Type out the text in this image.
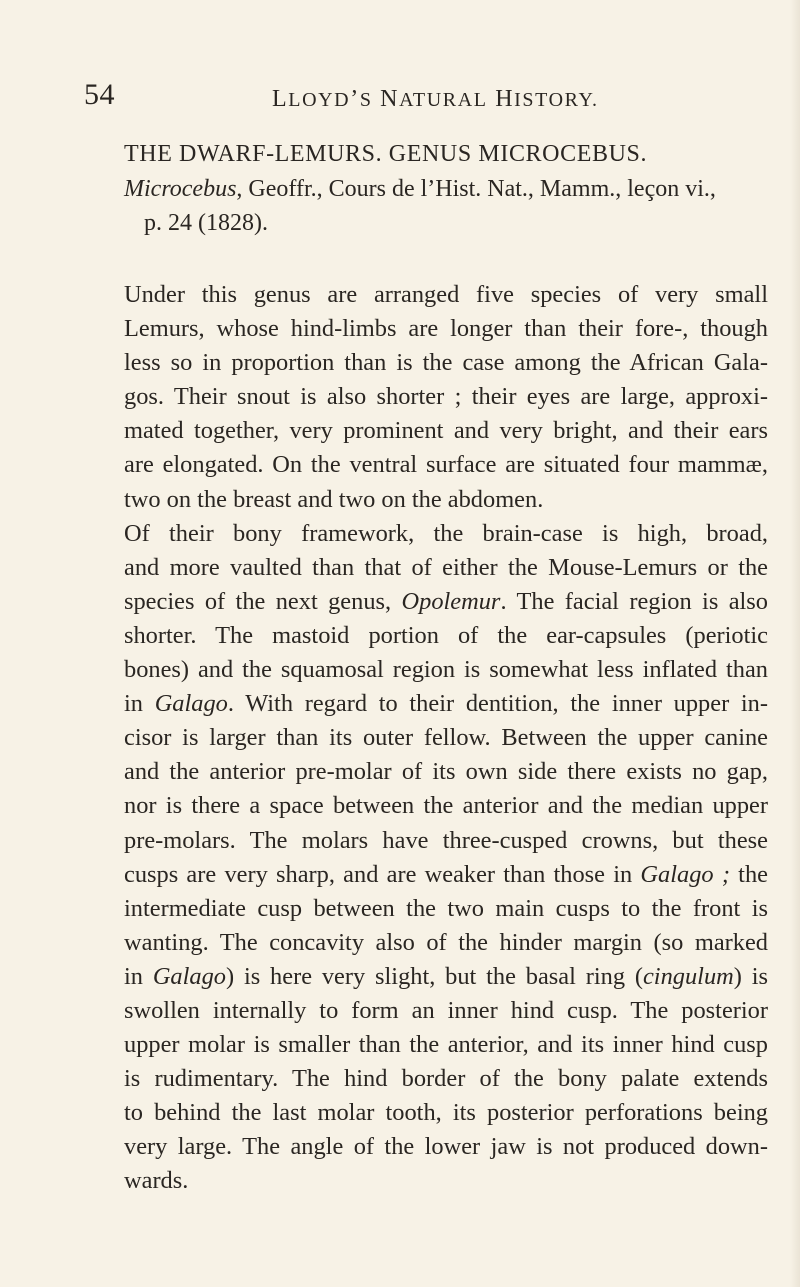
54	LLOYD’S NATURAL HISTORY.
THE DWARF-LEMURS. GENUS MICROCEBUS.
Microcebus, Geoffr., Cours de l’Hist. Nat., Mamm., leçon vi.,
p. 24 (1828).
Under this genus are arranged five species of very small
Lemurs, whose hind-limbs are longer than their fore-, though
less so in proportion than is the case among the African Gala-
gos. Their snout is also shorter ; their eyes are large, approxi-
mated together, very prominent and very bright, and their ears
are elongated. On the ventral surface are situated four mammæ,
two on the breast and two on the abdomen.
Of their bony framework, the brain-case is high, broad,
and more vaulted than that of either the Mouse-Lemurs or the
species of the next genus, Opolemur. The facial region is also
shorter. The mastoid portion of the ear-capsules (periotic
bones) and the squamosal region is somewhat less inflated than
in Galago. With regard to their dentition, the inner upper in-
cisor is larger than its outer fellow. Between the upper canine
and the anterior pre-molar of its own side there exists no gap,
nor is there a space between the anterior and the median upper
pre-molars. The molars have three-cusped crowns, but these
cusps are very sharp, and are weaker than those in Galago ; the
intermediate cusp between the two main cusps to the front is
wanting. The concavity also of the hinder margin (so marked
in Galago) is here very slight, but the basal ring (cingulum) is
swollen internally to form an inner hind cusp. The posterior
upper molar is smaller than the anterior, and its inner hind cusp
is rudimentary. The hind border of the bony palate extends
to behind the last molar tooth, its posterior perforations being
very large. The angle of the lower jaw is not produced down-
wards.
